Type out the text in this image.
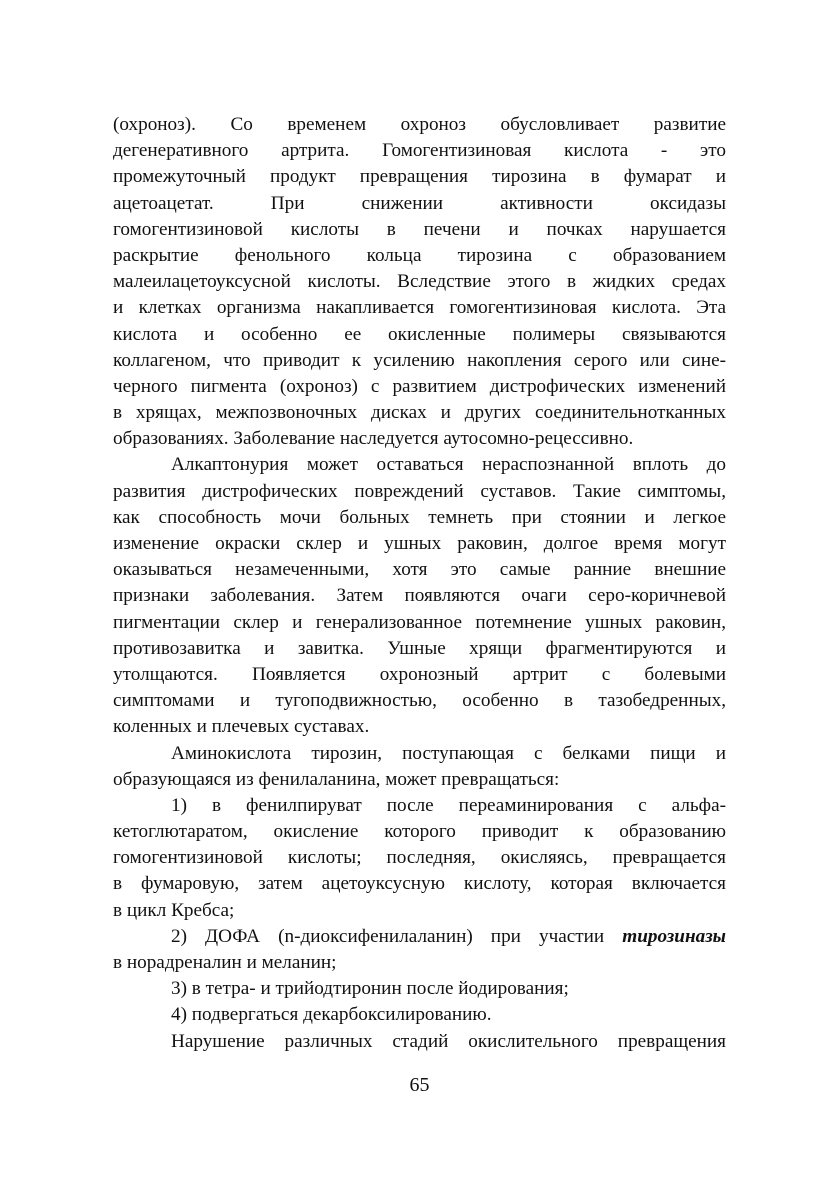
(охроноз). Со временем охроноз обусловливает развитие
дегенеративного артрита. Гомогентизиновая кислота - это
промежуточный продукт превращения тирозина в фумарат и
ацетоацетат. При снижении активности оксидазы
гомогентизиновой кислоты в печени и почках нарушается
раскрытие фенольного кольца тирозина с образованием
малеилацетоуксусной кислоты. Вследствие этого в жидких средах
и клетках организма накапливается гомогентизиновая кислота. Эта
кислота и особенно ее окисленные полимеры связываются
коллагеном, что приводит к усилению накопления серого или сине-
черного пигмента (охроноз) с развитием дистрофических изменений
в хрящах, межпозвоночных дисках и других соединительнотканных
образованиях. Заболевание наследуется аутосомно-рецессивно.
Алкаптонурия может оставаться нераспознанной вплоть до
развития дистрофических повреждений суставов. Такие симптомы,
как способность мочи больных темнеть при стоянии и легкое
изменение окраски склер и ушных раковин, долгое время могут
оказываться незамеченными, хотя это самые ранние внешние
признаки заболевания. Затем появляются очаги серо-коричневой
пигментации склер и генерализованное потемнение ушных раковин,
противозавитка и завитка. Ушные хрящи фрагментируются и
утолщаются. Появляется охронозный артрит с болевыми
симптомами и тугоподвижностью, особенно в тазобедренных,
коленных и плечевых суставах.
Аминокислота тирозин, поступающая с белками пищи и
образующаяся из фенилаланина, может превращаться:
1) в фенилпируват после переаминирования с альфа-
кетоглютаратом, окисление которого приводит к образованию
гомогентизиновой кислоты; последняя, окисляясь, превращается
в фумаровую, затем ацетоуксусную кислоту, которая включается
в цикл Кребса;
2) ДОФА (n-диоксифенилаланин) при участии тирозиназы
в норадреналин и меланин;
3) в тетра- и трийодтиронин после йодирования;
4) подвергаться декарбоксилированию.
Нарушение различных стадий окислительного превращения
65
